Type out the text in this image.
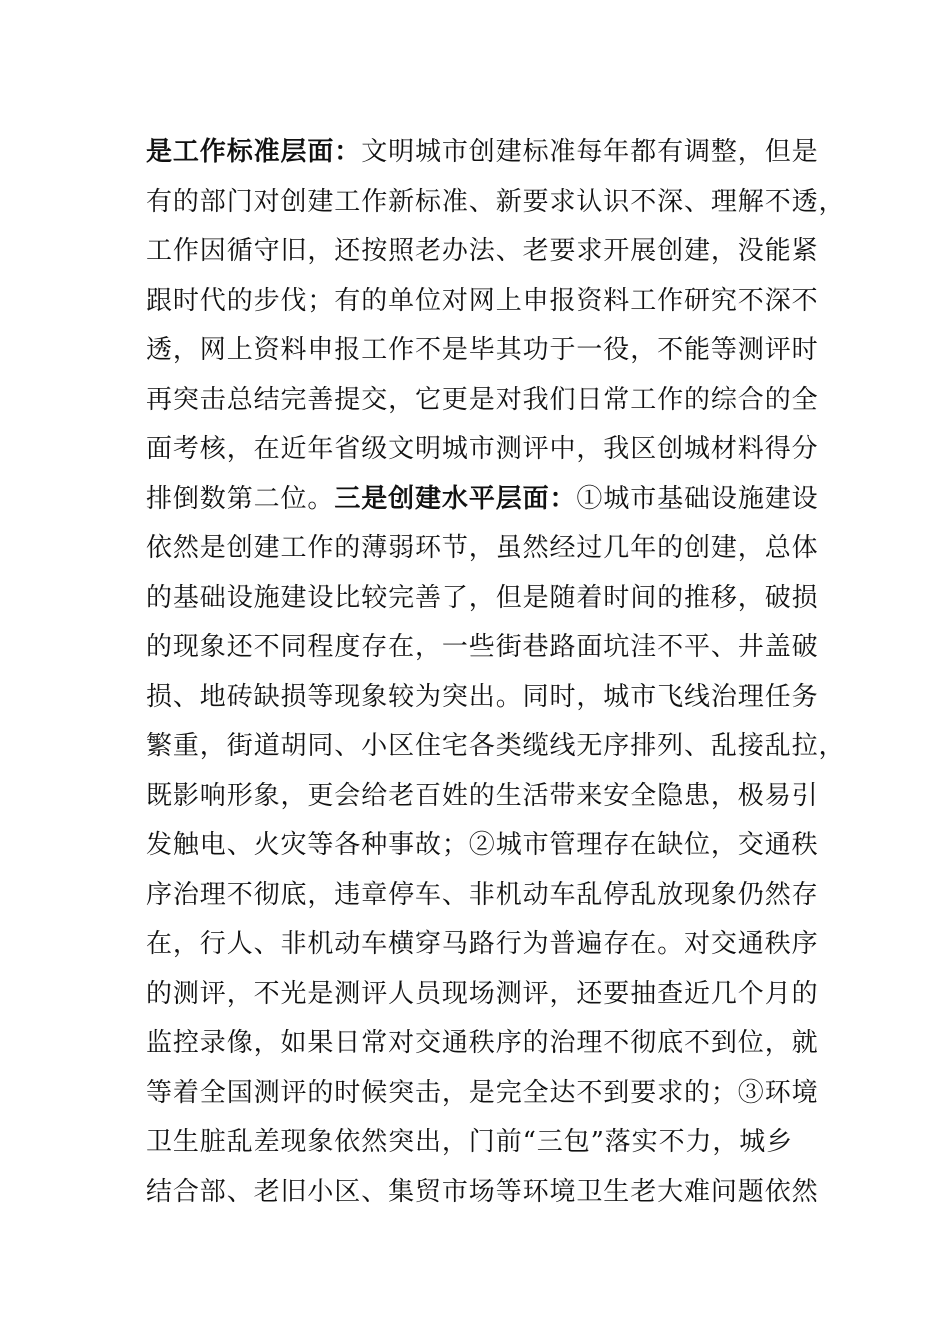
是工作标准层面：文明城市创建标准每年都有调整，但是
有的部门对创建工作新标准、新要求认识不深、理解不透，
工作因循守旧，还按照老办法、老要求开展创建，没能紧
跟时代的步伐；有的单位对网上申报资料工作研究不深不
透，网上资料申报工作不是毕其功于一役，不能等测评时
再突击总结完善提交，它更是对我们日常工作的综合的全
面考核，在近年省级文明城市测评中，我区创城材料得分
排倒数第二位。三是创建水平层面：①城市基础设施建设
依然是创建工作的薄弱环节，虽然经过几年的创建，总体
的基础设施建设比较完善了，但是随着时间的推移，破损
的现象还不同程度存在，一些街巷路面坑洼不平、井盖破
损、地砖缺损等现象较为突出。同时，城市飞线治理任务
繁重，街道胡同、小区住宅各类缆线无序排列、乱接乱拉，
既影响形象，更会给老百姓的生活带来安全隐患，极易引
发触电、火灾等各种事故；②城市管理存在缺位，交通秩
序治理不彻底，违章停车、非机动车乱停乱放现象仍然存
在，行人、非机动车横穿马路行为普遍存在。对交通秩序
的测评，不光是测评人员现场测评，还要抽查近几个月的
监控录像，如果日常对交通秩序的治理不彻底不到位，就
等着全国测评的时候突击，是完全达不到要求的；③环境
卫生脏乱差现象依然突出，门前“三包”落实不力，城乡
结合部、老旧小区、集贸市场等环境卫生老大难问题依然
